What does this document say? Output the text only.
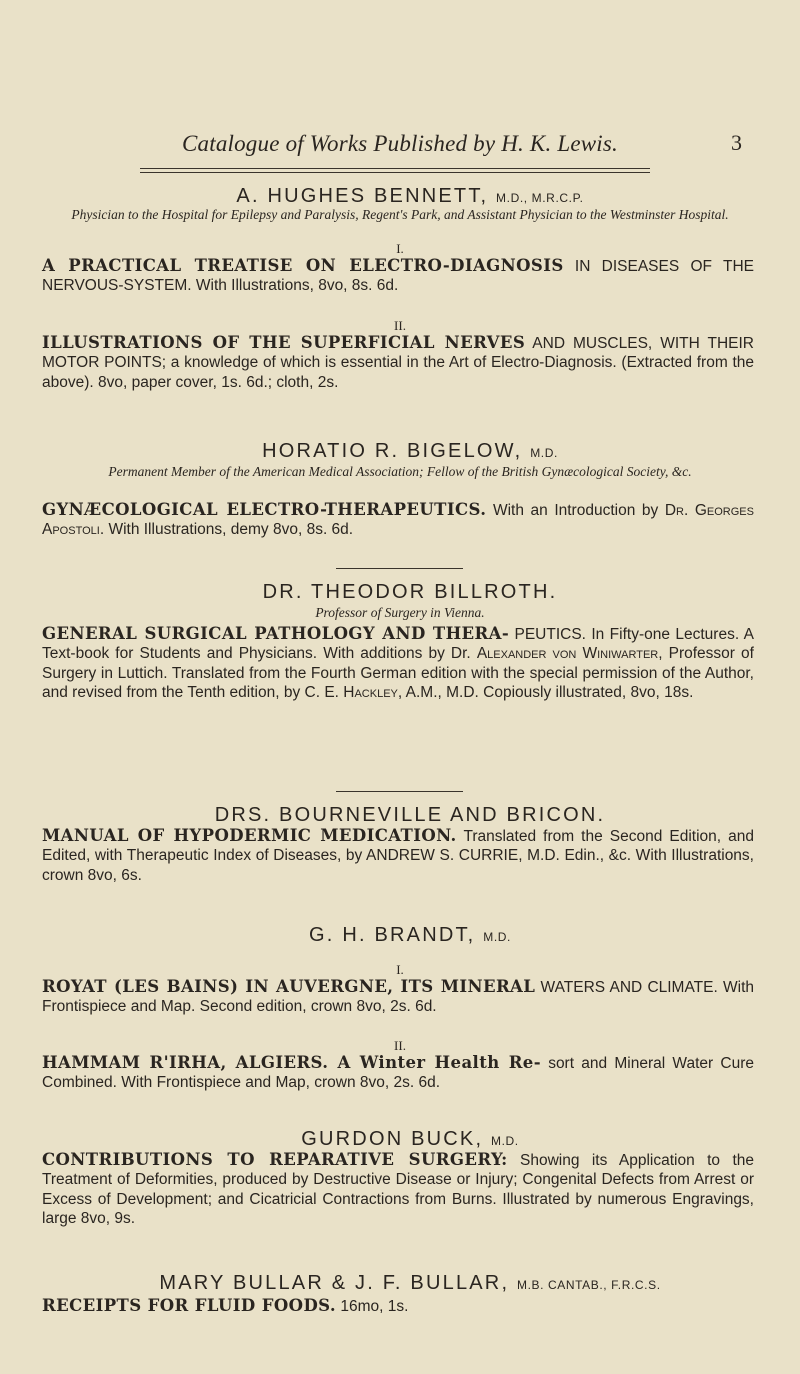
Catalogue of Works Published by H. K. Lewis.	3
A. HUGHES BENNETT, M.D., M.R.C.P.
Physician to the Hospital for Epilepsy and Paralysis, Regent's Park, and Assistant Physician to the Westminster Hospital.
I.
A PRACTICAL TREATISE ON ELECTRO-DIAGNOSIS IN DISEASES OF THE NERVOUS-SYSTEM. With Illustrations, 8vo, 8s. 6d.
II.
ILLUSTRATIONS OF THE SUPERFICIAL NERVES AND MUSCLES, WITH THEIR MOTOR POINTS; a knowledge of which is essential in the Art of Electro-Diagnosis. (Extracted from the above). 8vo, paper cover, 1s. 6d.; cloth, 2s.
HORATIO R. BIGELOW, M.D.
Permanent Member of the American Medical Association; Fellow of the British Gynæcological Society, &c.
GYNÆCOLOGICAL ELECTRO-THERAPEUTICS. With an Introduction by Dr. Georges Apostoli. With Illustrations, demy 8vo, 8s. 6d.
DR. THEODOR BILLROTH.
Professor of Surgery in Vienna.
GENERAL SURGICAL PATHOLOGY AND THERA- PEUTICS. In Fifty-one Lectures. A Text-book for Students and Physicians. With additions by Dr. Alexander von Winiwarter, Professor of Surgery in Luttich. Translated from the Fourth German edition with the special permission of the Author, and revised from the Tenth edition, by C. E. Hackley, A.M., M.D. Copiously illustrated, 8vo, 18s.
DRS. BOURNEVILLE AND BRICON.
MANUAL OF HYPODERMIC MEDICATION. Translated from the Second Edition, and Edited, with Therapeutic Index of Diseases, by ANDREW S. CURRIE, M.D. Edin., &c. With Illustrations, crown 8vo, 6s.
G. H. BRANDT, M.D.
I.
ROYAT (LES BAINS) IN AUVERGNE, ITS MINERAL WATERS AND CLIMATE. With Frontispiece and Map. Second edition, crown 8vo, 2s. 6d.
II.
HAMMAM R'IRHA, ALGIERS. A Winter Health Re- sort and Mineral Water Cure Combined. With Frontispiece and Map, crown 8vo, 2s. 6d.
GURDON BUCK, M.D.
CONTRIBUTIONS TO REPARATIVE SURGERY: Showing its Application to the Treatment of Deformities, produced by Destructive Disease or Injury; Congenital Defects from Arrest or Excess of Development; and Cicatricial Contractions from Burns. Illustrated by numerous Engravings, large 8vo, 9s.
MARY BULLAR & J. F. BULLAR, M.B. CANTAB., F.R.C.S.
RECEIPTS FOR FLUID FOODS. 16mo, 1s.
